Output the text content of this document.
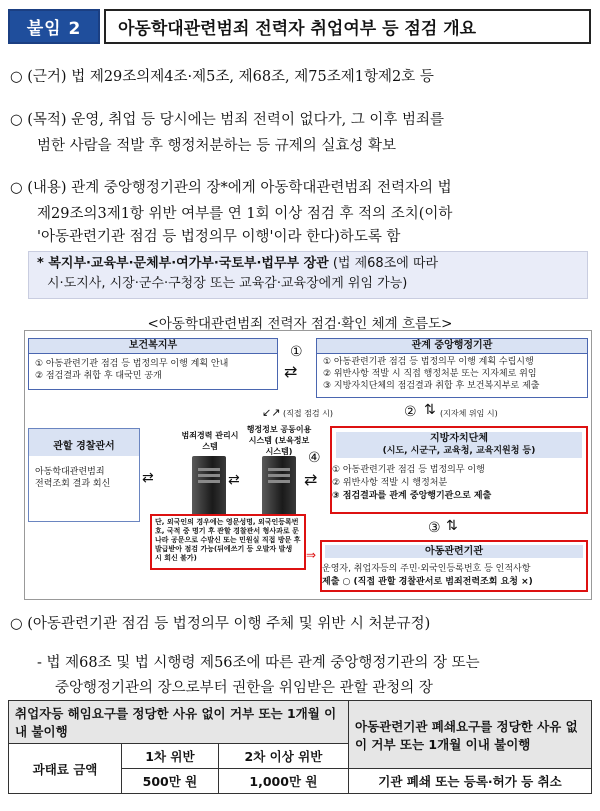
붙임 2	아동학대관련범죄 전력자 취업여부 등 점검 개요
○ (근거) 법 제29조의제4조·제5조, 제68조, 제75조제1항제2호 등
○ (목적) 운영, 취업 등 당시에는 범죄 전력이 없다가, 그 이후 범죄를
범한 사람을 적발 후 행정처분하는 등 규제의 실효성 확보
○ (내용) 관계 중앙행정기관의 장*에게 아동학대관련범죄 전력자의 법
제29조의3제1항 위반 여부를 연 1회 이상 점검 후 적의 조치(이하
'아동관련기관 점검 등 법정의무 이행'이라 한다)하도록 함
* 복지부·교육부·문체부·여가부·국토부·법무부 장관 (법 제68조에 따라
시·도지사, 시장·군수·구청장 또는 교육감·교육장에게 위임 가능)
<아동학대관련범죄 전력자 점검·확인 체계 흐름도>
보건복지부
① 아동관련기관 점검 등 법정의무 이행 계획 안내
② 점검결과 취합 후 대국민 공개
관계 중앙행정기관
① 아동관련기관 점검 등 법정의무 이행 계획 수립시행
② 위반사항 적발 시 직접 행정처분 또는 지자체로 위임
③ 지방자치단체의 점검결과 취합 후 보건복지부로 제출
①
⇄
↙↗ (직접 점검 시)	② ⇅ (지자체 위임 시)
관할 경찰관서
아동학대관련범죄
전력조회 결과 회신	⇄
범죄경력 관리시스템
⇄
행정정보 공동이용시스템 (보육정보시스템)	④
⇄
지방자치단체
(시도, 시군구, 교육청, 교육지원청 등)
① 아동관련기관 점검 등 법정의무 이행
② 위반사항 적발 시 행정처분
③ 점검결과를 관계 중앙행기관으로 제출
단, 외국인의 경우에는 영문성명, 외국인등록번호, 국적 중 명기 후 관할 경찰관서 형사과로 문나라 공문으로 수발신 또는 민원실 직접 방문 후 발급받아 점검 가능(뒤에쓰기 등 오발자 발생 시 회신 불가)	⇒
③ ⇅
아동관련기관
운영자, 취업자등의 주민·외국인등록번호 등 인적사항
제출 ○ (직접 관할 경찰관서로 범죄전력조회 요청 ×)
○ (아동관련기관 점검 등 법정의무 이행 주체 및 위반 시 처분규정)
- 법 제68조 및 법 시행령 제56조에 따른 관계 중앙행정기관의 장 또는
중앙행정기관의 장으로부터 권한을 위임받은 관할 관청의 장
취업자등 해임요구를 정당한 사유 없이 거부 또는 1개월 이내 불이행			아동관련기관 폐쇄요구를 정당한 사유 없이 거부 또는 1개월 이내 불이행
과태료 금액	1차 위반	2차 이상 위반	
	500만 원	1,000만 원	기관 폐쇄 또는 등록·허가 등 취소
